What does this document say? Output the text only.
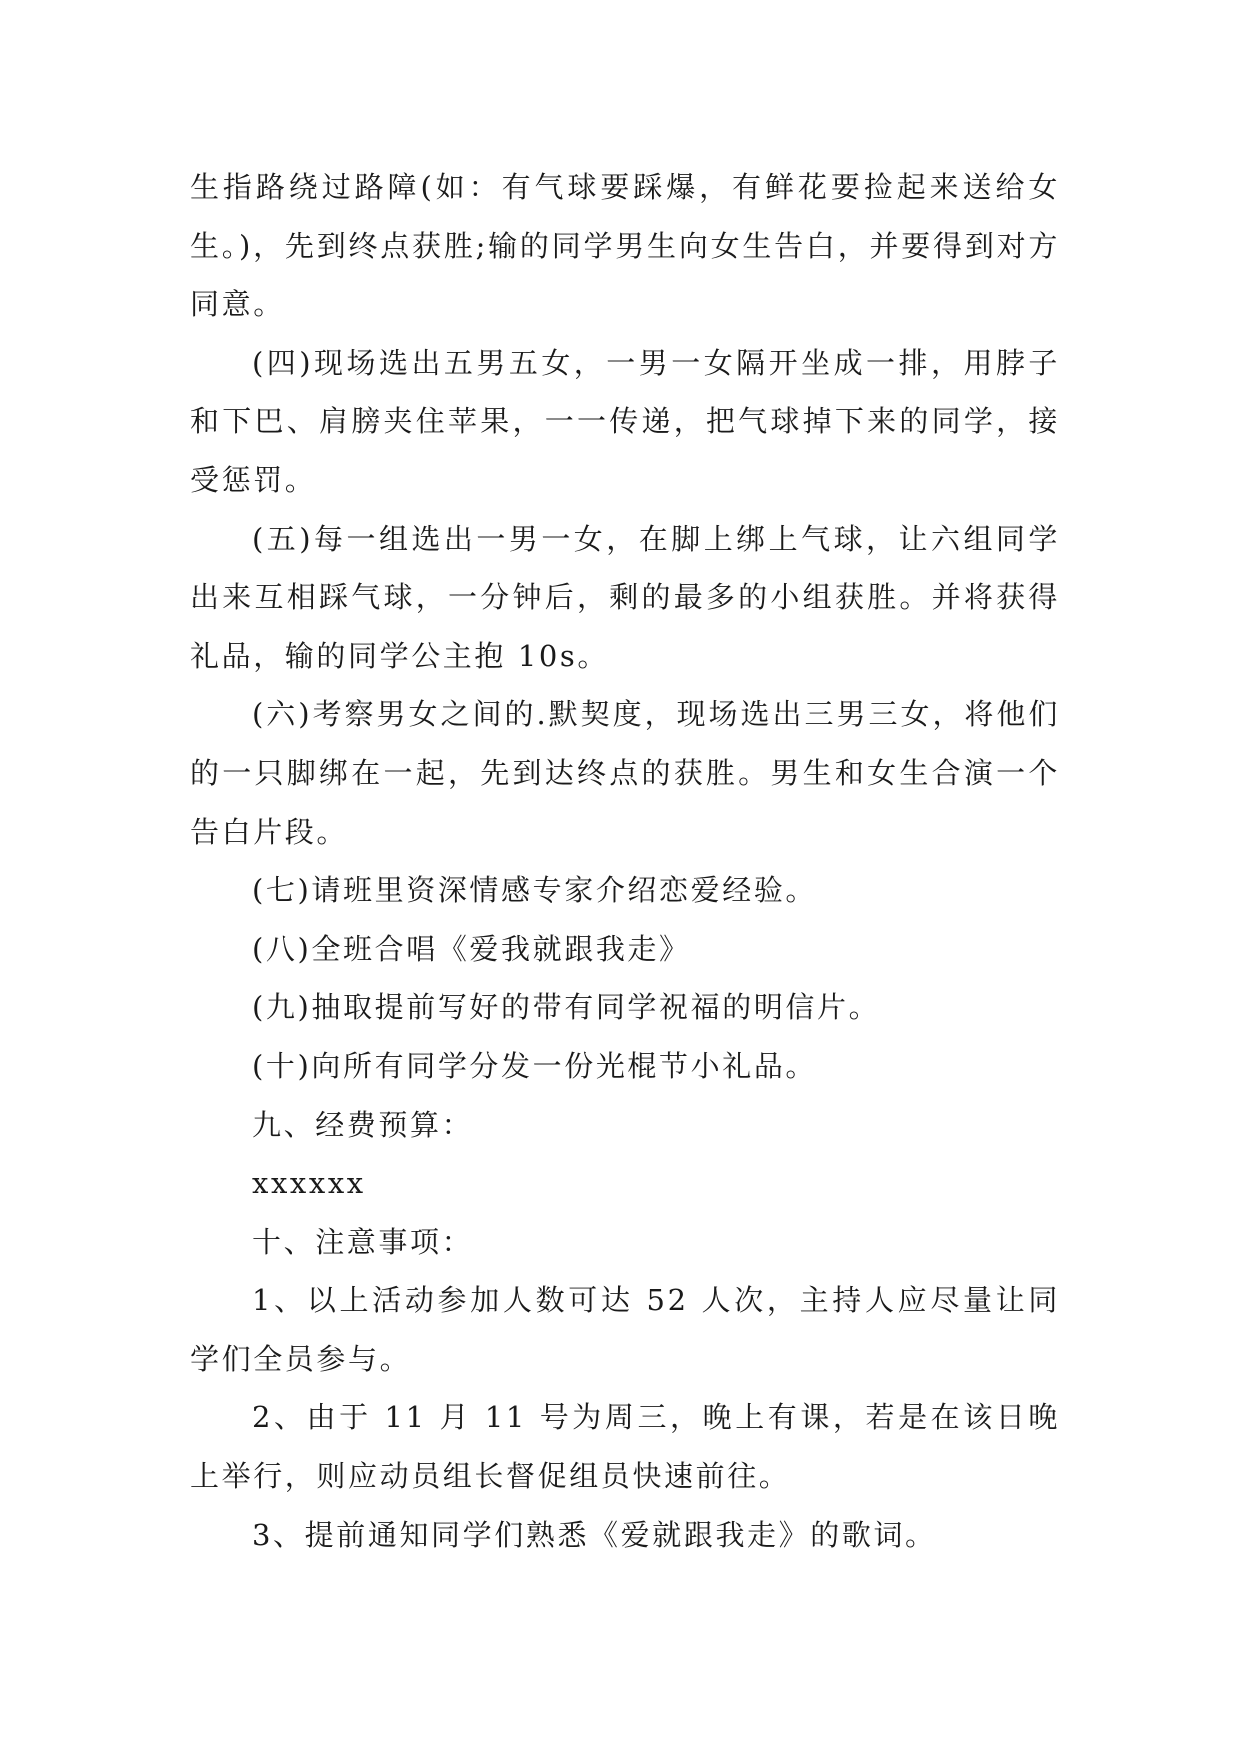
生指路绕过路障(如：有气球要踩爆，有鲜花要捡起来送给女生。)，先到终点获胜;输的同学男生向女生告白，并要得到对方同意。

(四)现场选出五男五女，一男一女隔开坐成一排，用脖子和下巴、肩膀夹住苹果，一一传递，把气球掉下来的同学，接受惩罚。

(五)每一组选出一男一女，在脚上绑上气球，让六组同学出来互相踩气球，一分钟后，剩的最多的小组获胜。并将获得礼品，输的同学公主抱 10s。

(六)考察男女之间的.默契度，现场选出三男三女，将他们的一只脚绑在一起，先到达终点的获胜。男生和女生合演一个告白片段。

(七)请班里资深情感专家介绍恋爱经验。

(八)全班合唱《爱我就跟我走》

(九)抽取提前写好的带有同学祝福的明信片。

(十)向所有同学分发一份光棍节小礼品。

九、经费预算：

xxxxxx

十、注意事项：

1、以上活动参加人数可达 52 人次，主持人应尽量让同学们全员参与。

2、由于 11 月 11 号为周三，晚上有课，若是在该日晚上举行，则应动员组长督促组员快速前往。

3、提前通知同学们熟悉《爱就跟我走》的歌词。
